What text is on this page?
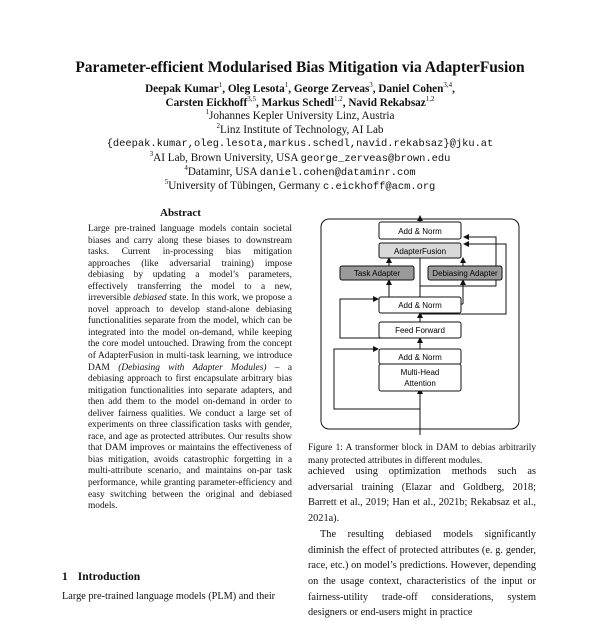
Parameter-efficient Modularised Bias Mitigation via AdapterFusion
Deepak Kumar$^1$, Oleg Lesota$^1$, George Zerveas$^3$, Daniel Cohen$^{3,4}$,
Carsten Eickhoff$^{3,5}$, Markus Schedl$^{1,2}$, Navid Rekabsaz$^{1,2}$
$^1$Johannes Kepler University Linz, Austria
$^2$Linz Institute of Technology, AI Lab
{deepak.kumar,oleg.lesota,markus.schedl,navid.rekabsaz}@jku.at
$^3$AI Lab, Brown University, USA george_zerveas@brown.edu
$^4$Dataminr, USA daniel.cohen@dataminr.com
$^5$University of Tübingen, Germany c.eickhoff@acm.org
Abstract

Large pre-trained language models contain societal biases and carry along these biases to downstream tasks. Current in-processing bias mitigation approaches (like adversarial training) impose debiasing by updating a model’s parameters, effectively transferring the model to a new, irreversible debiased state. In this work, we propose a novel approach to develop stand-alone debiasing functionalities separate from the model, which can be integrated into the model on-demand, while keeping the core model untouched. Drawing from the concept of AdapterFusion in multi-task learning, we introduce DAM (Debiasing with Adapter Modules) – a debiasing approach to first encapsulate arbitrary bias mitigation functionalities into separate adapters, and then add them to the model on-demand in order to deliver fairness qualities. We conduct a large set of experiments on three classification tasks with gender, race, and age as protected attributes. Our results show that DAM improves or maintains the effectiveness of bias mitigation, avoids catastrophic forgetting in a multi-attribute scenario, and maintains on-par task performance, while granting parameter-efficiency and easy switching between the original and debiased models.

Add & Norm
AdapterFusion
Task Adapter	Debiasing Adapter
Add & Norm
Feed Forward
Add & Norm
Multi-Head
Attention
Figure 1: A transformer block in DAM to debias arbitrarily many protected attributes in different modules.

achieved using optimization methods such as adversarial training (Elazar and Goldberg, 2018; Barrett et al., 2019; Han et al., 2021b; Rekabsaz et al., 2021a).

The resulting debiased models significantly diminish the effect of protected attributes (e. g. gender, race, etc.) on model’s predictions. However, depending on the usage context, characteristics of the input or fairness-utility trade-off considerations, system designers or end-users might in practice

1 Introduction
Large pre-trained language models (PLM) and their
